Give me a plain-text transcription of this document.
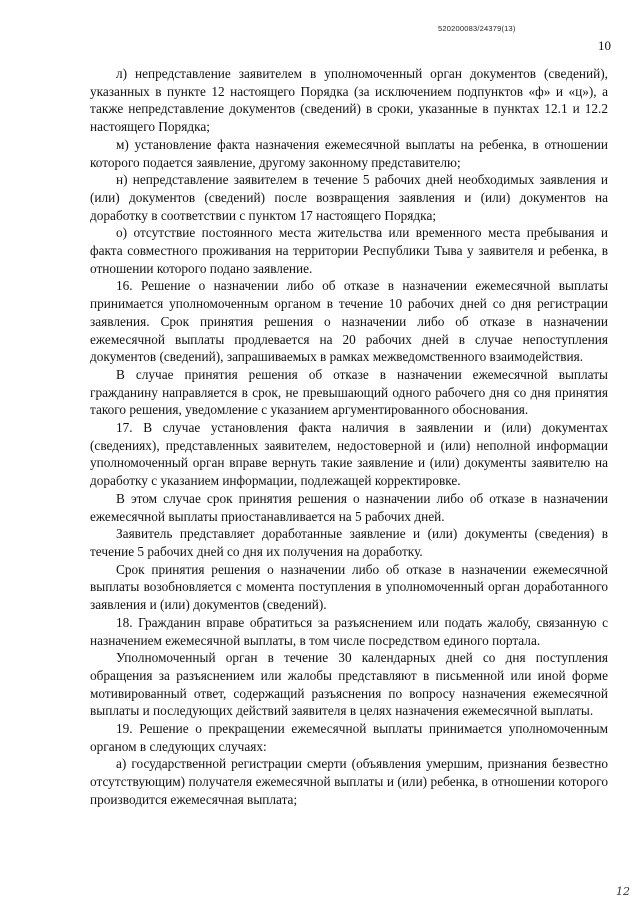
520200083/24379(13)
10

л) непредставление заявителем в уполномоченный орган документов (сведений), указанных в пункте 12 настоящего Порядка (за исключением подпунктов «ф» и «ц»), а также непредставление документов (сведений) в сроки, указанные в пунктах 12.1 и 12.2 настоящего Порядка;

м) установление факта назначения ежемесячной выплаты на ребенка, в отношении которого подается заявление, другому законному представителю;

н) непредставление заявителем в течение 5 рабочих дней необходимых заявления и (или) документов (сведений) после возвращения заявления и (или) документов на доработку в соответствии с пунктом 17 настоящего Порядка;

о) отсутствие постоянного места жительства или временного места пребывания и факта совместного проживания на территории Республики Тыва у заявителя и ребенка, в отношении которого подано заявление.

16. Решение о назначении либо об отказе в назначении ежемесячной выплаты принимается уполномоченным органом в течение 10 рабочих дней со дня регистрации заявления. Срок принятия решения о назначении либо об отказе в назначении ежемесячной выплаты продлевается на 20 рабочих дней в случае непоступления документов (сведений), запрашиваемых в рамках межведомственного взаимодействия.

В случае принятия решения об отказе в назначении ежемесячной выплаты гражданину направляется в срок, не превышающий одного рабочего дня со дня принятия такого решения, уведомление с указанием аргументированного обоснования.

17. В случае установления факта наличия в заявлении и (или) документах (сведениях), представленных заявителем, недостоверной и (или) неполной информации уполномоченный орган вправе вернуть такие заявление и (или) документы заявителю на доработку с указанием информации, подлежащей корректировке.

В этом случае срок принятия решения о назначении либо об отказе в назначении ежемесячной выплаты приостанавливается на 5 рабочих дней.

Заявитель представляет доработанные заявление и (или) документы (сведения) в течение 5 рабочих дней со дня их получения на доработку.

Срок принятия решения о назначении либо об отказе в назначении ежемесячной выплаты возобновляется с момента поступления в уполномоченный орган доработанного заявления и (или) документов (сведений).

18. Гражданин вправе обратиться за разъяснением или подать жалобу, связанную с назначением ежемесячной выплаты, в том числе посредством единого портала.

Уполномоченный орган в течение 30 календарных дней со дня поступления обращения за разъяснением или жалобы представляют в письменной или иной форме мотивированный ответ, содержащий разъяснения по вопросу назначения ежемесячной выплаты и последующих действий заявителя в целях назначения ежемесячной выплаты.

19. Решение о прекращении ежемесячной выплаты принимается уполномоченным органом в следующих случаях:

а) государственной регистрации смерти (объявления умершим, признания безвестно отсутствующим) получателя ежемесячной выплаты и (или) ребенка, в отношении которого производится ежемесячная выплата;

12
